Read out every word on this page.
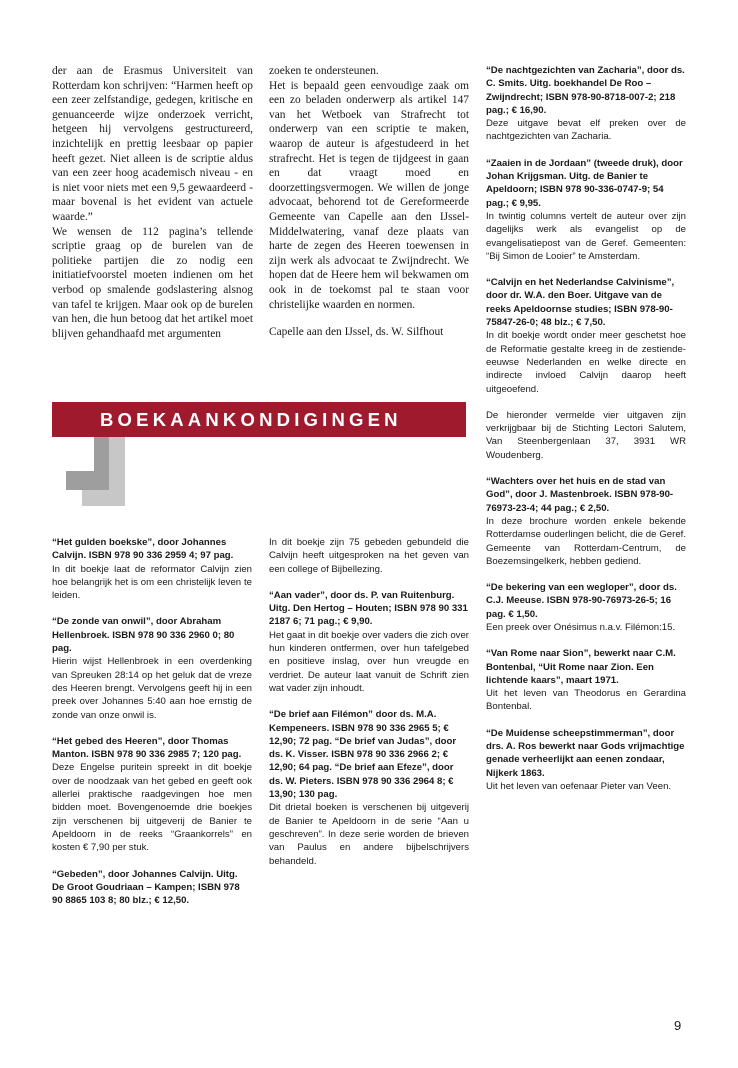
der aan de Erasmus Universiteit van Rotterdam kon schrijven: “Harmen heeft op een zeer zelfstandige, gedegen, kritische en genuanceerde wijze onderzoek verricht, hetgeen hij vervolgens gestructureerd, inzichtelijk en prettig leesbaar op papier heeft gezet. Niet alleen is de scriptie aldus van een zeer hoog academisch niveau - en is niet voor niets met een 9,5 gewaardeerd - maar bovenal is het evident van actuele waarde.”

We wensen de 112 pagina’s tellende scriptie graag op de burelen van de politieke partijen die zo nodig een initiatiefvoorstel moeten indienen om het verbod op smalende godslastering alsnog van tafel te krijgen. Maar ook op de burelen van hen, die hun betoog dat het artikel moet blijven gehandhaafd met argumenten

zoeken te ondersteunen.

Het is bepaald geen eenvoudige zaak om een zo beladen onderwerp als artikel 147 van het Wetboek van Strafrecht tot onderwerp van een scriptie te maken, waarop de auteur is afgestudeerd in het strafrecht. Het is tegen de tijdgeest in gaan en dat vraagt moed en doorzettingsvermogen. We willen de jonge advocaat, behorend tot de Gereformeerde Gemeente van Capelle aan den IJssel-Middelwatering, vanaf deze plaats van harte de zegen des Heeren toewensen in zijn werk als advocaat te Zwijndrecht. We hopen dat de Heere hem wil bekwamen om ook in de toekomst pal te staan voor christelijke waarden en normen.

Capelle aan den IJssel, ds. W. Silfhout

BOEKAANKONDIGINGEN

“De nachtgezichten van Zacharia”, door ds. C. Smits. Uitg. boekhandel De Roo – Zwijndrecht; ISBN 978-90-8718-007-2; 218 pag.; € 16,90.

Deze uitgave bevat elf preken over de nachtgezichten van Zacharia.

“Zaaien in de Jordaan” (tweede druk), door Johan Krijgsman. Uitg. de Banier te Apeldoorn; ISBN 978 90-336-0747-9; 54 pag.; € 9,95.

In twintig columns vertelt de auteur over zijn dagelijks werk als evangelist op de evangelisatiepost van de Geref. Gemeenten: “Bij Simon de Looier” te Amsterdam.

“Calvijn en het Nederlandse Calvinisme”, door dr. W.A. den Boer. Uitgave van de reeks Apeldoornse studies; ISBN 978-90-75847-26-0; 48 blz.; € 7,50.

In dit boekje wordt onder meer geschetst hoe de Reformatie gestalte kreeg in de zestiende-eeuwse Nederlanden en welke directe en indirecte invloed Calvijn daarop heeft uitgeoefend.

De hieronder vermelde vier uitgaven zijn verkrijgbaar bij de Stichting Lectori Salutem, Van Steenbergenlaan 37, 3931 WR Woudenberg.

“Wachters over het huis en de stad van God”, door J. Mastenbroek. ISBN 978-90-76973-23-4; 44 pag.; € 2,50.

In deze brochure worden enkele bekende Rotterdamse ouderlingen belicht, die de Geref. Gemeente van Rotterdam-Centrum, de Boezemsingelkerk, hebben gediend.

“De bekering van een wegloper”, door ds. C.J. Meeuse. ISBN 978-90-76973-26-5; 16 pag. € 1,50.

Een preek over Onésimus n.a.v. Filémon:15.

“Van Rome naar Sion”, bewerkt naar C.M. Bontenbal, “Uit Rome naar Zion. Een lichtende kaars”, maart 1971.

Uit het leven van Theodorus en Gerardina Bontenbal.

“De Muidense scheepstimmerman”, door drs. A. Ros bewerkt naar Gods vrijmachtige genade verheerlijkt aan eenen zondaar, Nijkerk 1863.

Uit het leven van oefenaar Pieter van Veen.

“Het gulden boekske”, door Johannes Calvijn. ISBN 978 90 336 2959 4; 97 pag.

In dit boekje laat de reformator Calvijn zien hoe belangrijk het is om een christelijk leven te leiden.

“De zonde van onwil”, door Abraham Hellenbroek. ISBN 978 90 336 2960 0; 80 pag.

Hierin wijst Hellenbroek in een overdenking van Spreuken 28:14 op het geluk dat de vreze des Heeren brengt. Vervolgens geeft hij in een preek over Johannes 5:40 aan hoe ernstig de zonde van onze onwil is.

“Het gebed des Heeren”, door Thomas Manton. ISBN 978 90 336 2985 7; 120 pag.

Deze Engelse puritein spreekt in dit boekje over de noodzaak van het gebed en geeft ook allerlei praktische raadgevingen hoe men bidden moet. Bovengenoemde drie boekjes zijn verschenen bij uitgeverij de Banier te Apeldoorn in de reeks “Graankorrels” en kosten € 7,90 per stuk.

“Gebeden”, door Johannes Calvijn. Uitg. De Groot Goudriaan – Kampen; ISBN 978 90 8865 103 8; 80 blz.; € 12,50.

In dit boekje zijn 75 gebeden gebundeld die Calvijn heeft uitgesproken na het geven van een college of Bijbellezing.

“Aan vader”, door ds. P. van Ruitenburg. Uitg. Den Hertog – Houten; ISBN 978 90 331 2187 6; 71 pag.; € 9,90.

Het gaat in dit boekje over vaders die zich over hun kinderen ontfermen, over hun tafelgebed en positieve inslag, over hun vreugde en verdriet. De auteur laat vanuit de Schrift zien wat vader zijn inhoudt.

“De brief aan Filémon” door ds. M.A. Kempeneers. ISBN 978 90 336 2965 5; € 12,90; 72 pag. “De brief van Judas”, door ds. K. Visser. ISBN 978 90 336 2966 2; € 12,90; 64 pag. “De brief aan Efeze”, door ds. W. Pieters. ISBN 978 90 336 2964 8; € 13,90; 130 pag.

Dit drietal boeken is verschenen bij uitgeverij de Banier te Apeldoorn in de serie “Aan u geschreven”. In deze serie worden de brieven van Paulus en andere bijbelschrijvers behandeld.

9
